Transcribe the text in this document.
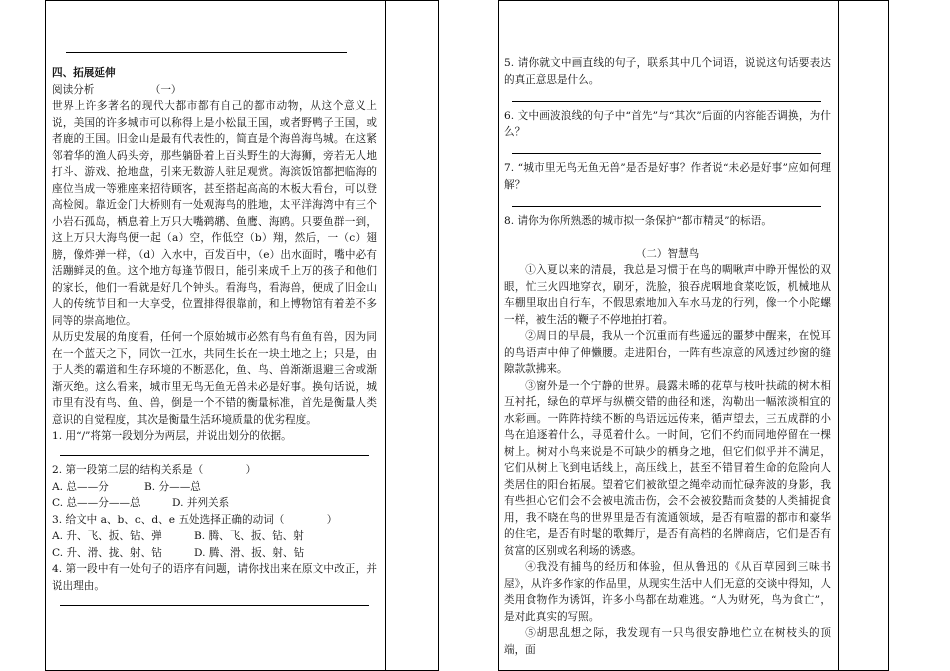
四、拓展延伸

阅读分析	（一）

世界上许多著名的现代大都市都有自己的都市动物，从这个意义上说，美国的许多城市可以称得上是小松鼠王国，或者野鸭子王国，或者鹿的王国。旧金山是最有代表性的，简直是个海兽海鸟城。在这紧邻着华的渔人码头旁，那些躺卧着上百头野生的大海狮，旁若无人地打斗、游戏、抢地盘，引来无数游人驻足观赏。海滨饭馆都把临海的座位当成一等雅座来招待顾客，甚至搭起高高的木板大看台，可以登高检阅。靠近金门大桥则有一处观海鸟的胜地，太平洋海湾中有三个小岩石孤岛，栖息着上万只大嘴鹈鹕、鱼鹰、海鸥。只要鱼群一到，这上万只大海鸟便一起（a）空，作低空（b）翔，然后，一（c）翅膀，像炸弹一样，（d）入水中，百发百中，（e）出水面时，嘴中必有活蹦鲜灵的鱼。这个地方每逢节假日，能引来成千上万的孩子和他们的家长，他们一看就是好几个钟头。看海鸟，看海兽，便成了旧金山人的传统节目和一大享受，位置排得很靠前，和上博物馆有着差不多同等的崇高地位。

从历史发展的角度看，任何一个原始城市必然有鸟有鱼有兽，因为同在一个蓝天之下，同饮一江水，共同生长在一块土地之上；只是，由于人类的霸道和生存环境的不断恶化，鱼、鸟、兽渐渐退避三舍或渐渐灭绝。这么看来，城市里无鸟无鱼无兽未必是好事。换句话说，城市里有没有鸟、鱼、兽，倒是一个不错的衡量标准，首先是衡量人类意识的自觉程度，其次是衡量生活环境质量的优劣程度。

1. 用“/”将第一段划分为两层，并说出划分的依据。

2. 第一段第二层的结构关系是（　　　　）

A. 总——分	B. 分——总
C. 总——分——总	D. 并列关系

3. 给文中 a、b、c、d、e 五处选择正确的动词（　　　　）

A. 升、飞、扳、钻、弹	B. 腾、飞、扳、钻、射
C. 升、滑、拢、射、钻	D. 腾、滑、扳、射、钻

4. 第一段中有一处句子的语序有问题，请你找出来在原文中改正，并说出理由。

5. 请你就文中画直线的句子，联系其中几个词语，说说这句话要表达的真正意思是什么。

6. 文中画波浪线的句子中“首先”与“其次”后面的内容能否调换，为什么？

7. “城市里无鸟无鱼无兽”是否是好事？作者说“未必是好事”应如何理解？

8. 请你为你所熟悉的城市拟一条保护“都市精灵”的标语。

（二）智慧鸟

①入夏以来的清晨，我总是习惯于在鸟的啁啾声中睁开惺忪的双眼，忙三火四地穿衣，刷牙，洗脸，狼吞虎咽地食菜吃饭，机械地从车棚里取出自行车，不假思索地加入车水马龙的行列，像一个小陀螺一样，被生活的鞭子不停地拍打着。

②周日的早晨，我从一个沉重而有些遥远的噩梦中醒来，在悦耳的鸟语声中伸了伸懒腰。走进阳台，一阵有些凉意的风透过纱窗的缝隙款款拂来。

③窗外是一个宁静的世界。晨露未晞的花草与枝叶扶疏的树木相互衬托，绿色的草坪与纵横交错的曲径和迷，沟勒出一幅浓淡相宜的水彩画。一阵阵持续不断的鸟语远远传来，循声望去，三五成群的小鸟在追逐着什么，寻觅着什么。一时间，它们不约而同地停留在一棵树上。树对小鸟来说是不可缺少的栖身之地，但它们似乎并不满足，它们从树上飞到电话线上，高压线上，甚至不错冒着生命的危险向人类居住的阳台拓展。望着它们被欲望之绳牵动而忙碌奔波的身影，我有些担心它们会不会被电流击伤，会不会被狡黠而贪婪的人类捕捉食用，我不晓在鸟的世界里是否有流通领域，是否有喧嚣的都市和豪华的住宅，是否有时髦的歌舞厅，是否有高档的名牌商店，它们是否有贫富的区别或名利场的诱惑。

④我没有捕鸟的经历和体验，但从鲁迅的《从百草园到三味书屋》，从许多作家的作品里，从现实生活中人们无意的交谈中得知，人类用食物作为诱饵，许多小鸟都在劫难逃。“人为财死，鸟为食亡”，是对此真实的写照。

⑤胡思乱想之际，我发现有一只鸟很安静地伫立在树枝头的顶端，面
